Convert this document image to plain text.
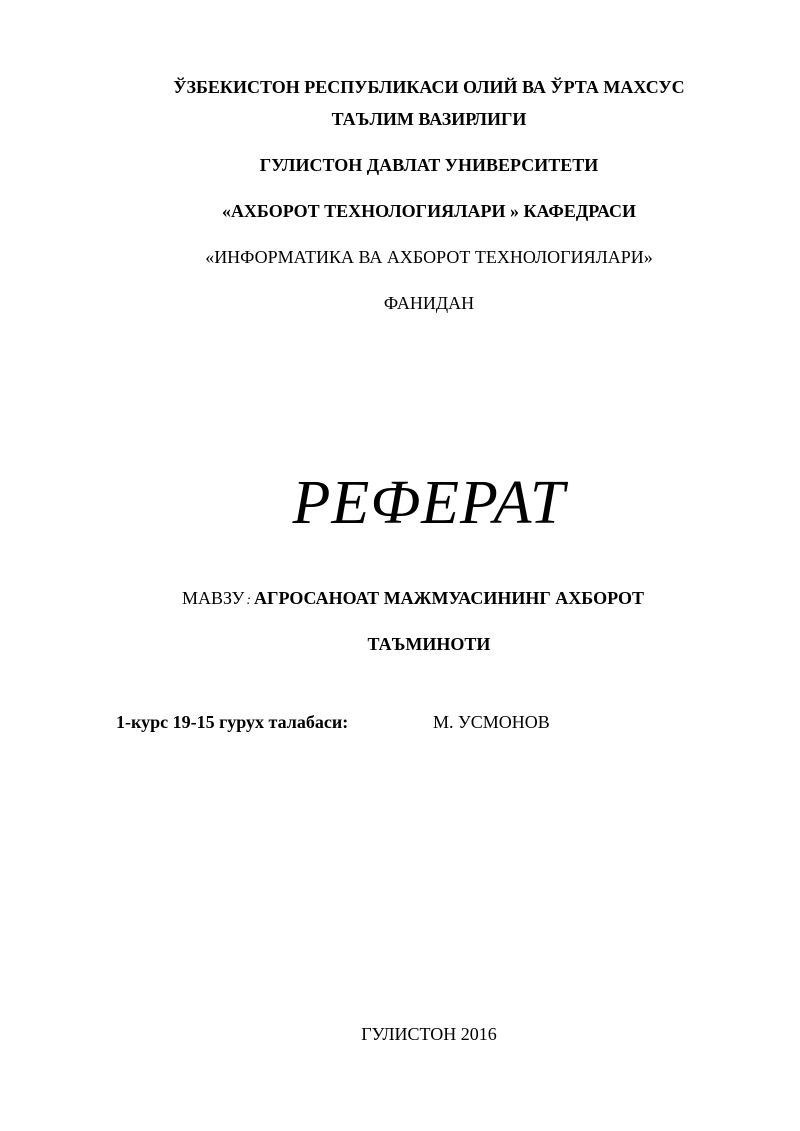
ЎЗБЕКИСТОН РЕСПУБЛИКАСИ ОЛИЙ ВА ЎРТА МАХСУС
ТАЪЛИМ ВАЗИРЛИГИ
ГУЛИСТОН ДАВЛАТ УНИВЕРСИТЕТИ
«АХБОРОТ ТЕХНОЛОГИЯЛАРИ » КАФЕДРАСИ
«ИНФОРМАТИКА ВА АХБОРОТ ТЕХНОЛОГИЯЛАРИ»
ФАНИДАН
РЕФЕРАТ
МАВЗУ : АГРОСАНОАТ МАЖМУАСИНИНГ АХБОРОТ
ТАЪМИНОТИ
1-курс 19-15 гурух талабаси:	М. УСМОНОВ
ГУЛИСТОН 2016
